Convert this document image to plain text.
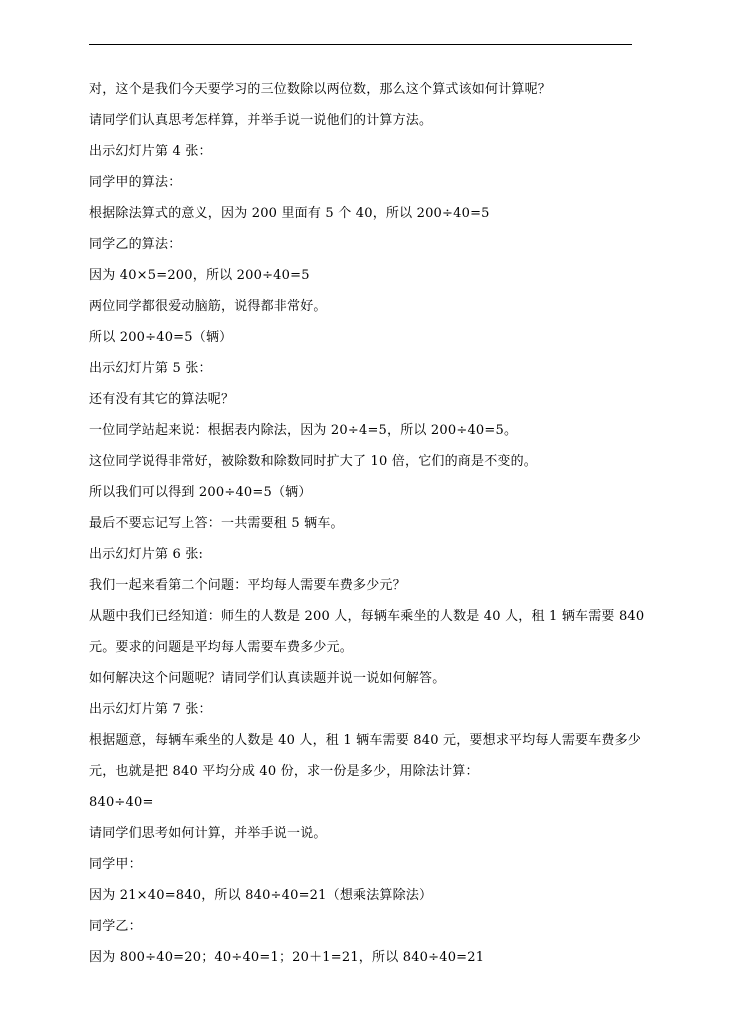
对，这个是我们今天要学习的三位数除以两位数，那么这个算式该如何计算呢？
请同学们认真思考怎样算，并举手说一说他们的计算方法。
出示幻灯片第 4 张：
同学甲的算法：
根据除法算式的意义，因为 200 里面有 5 个 40，所以 200÷40=5
同学乙的算法：
因为 40×5=200，所以 200÷40=5
两位同学都很爱动脑筋，说得都非常好。
所以 200÷40=5（辆）
出示幻灯片第 5 张：
还有没有其它的算法呢？
一位同学站起来说：根据表内除法，因为 20÷4=5，所以 200÷40=5。
这位同学说得非常好，被除数和除数同时扩大了 10 倍，它们的商是不变的。
所以我们可以得到 200÷40=5（辆）
最后不要忘记写上答：一共需要租 5 辆车。
出示幻灯片第 6 张:
我们一起来看第二个问题：平均每人需要车费多少元？
从题中我们已经知道：师生的人数是 200 人，每辆车乘坐的人数是 40 人，租 1 辆车需要 840
元。要求的问题是平均每人需要车费多少元。
如何解决这个问题呢？请同学们认真读题并说一说如何解答。
出示幻灯片第 7 张：
根据题意，每辆车乘坐的人数是 40 人，租 1 辆车需要 840 元，要想求平均每人需要车费多少
元，也就是把 840 平均分成 40 份，求一份是多少，用除法计算：
840÷40=
请同学们思考如何计算，并举手说一说。
同学甲：
因为 21×40=840，所以 840÷40=21（想乘法算除法）
同学乙：
因为 800÷40=20；40÷40=1；20＋1=21，所以 840÷40=21
